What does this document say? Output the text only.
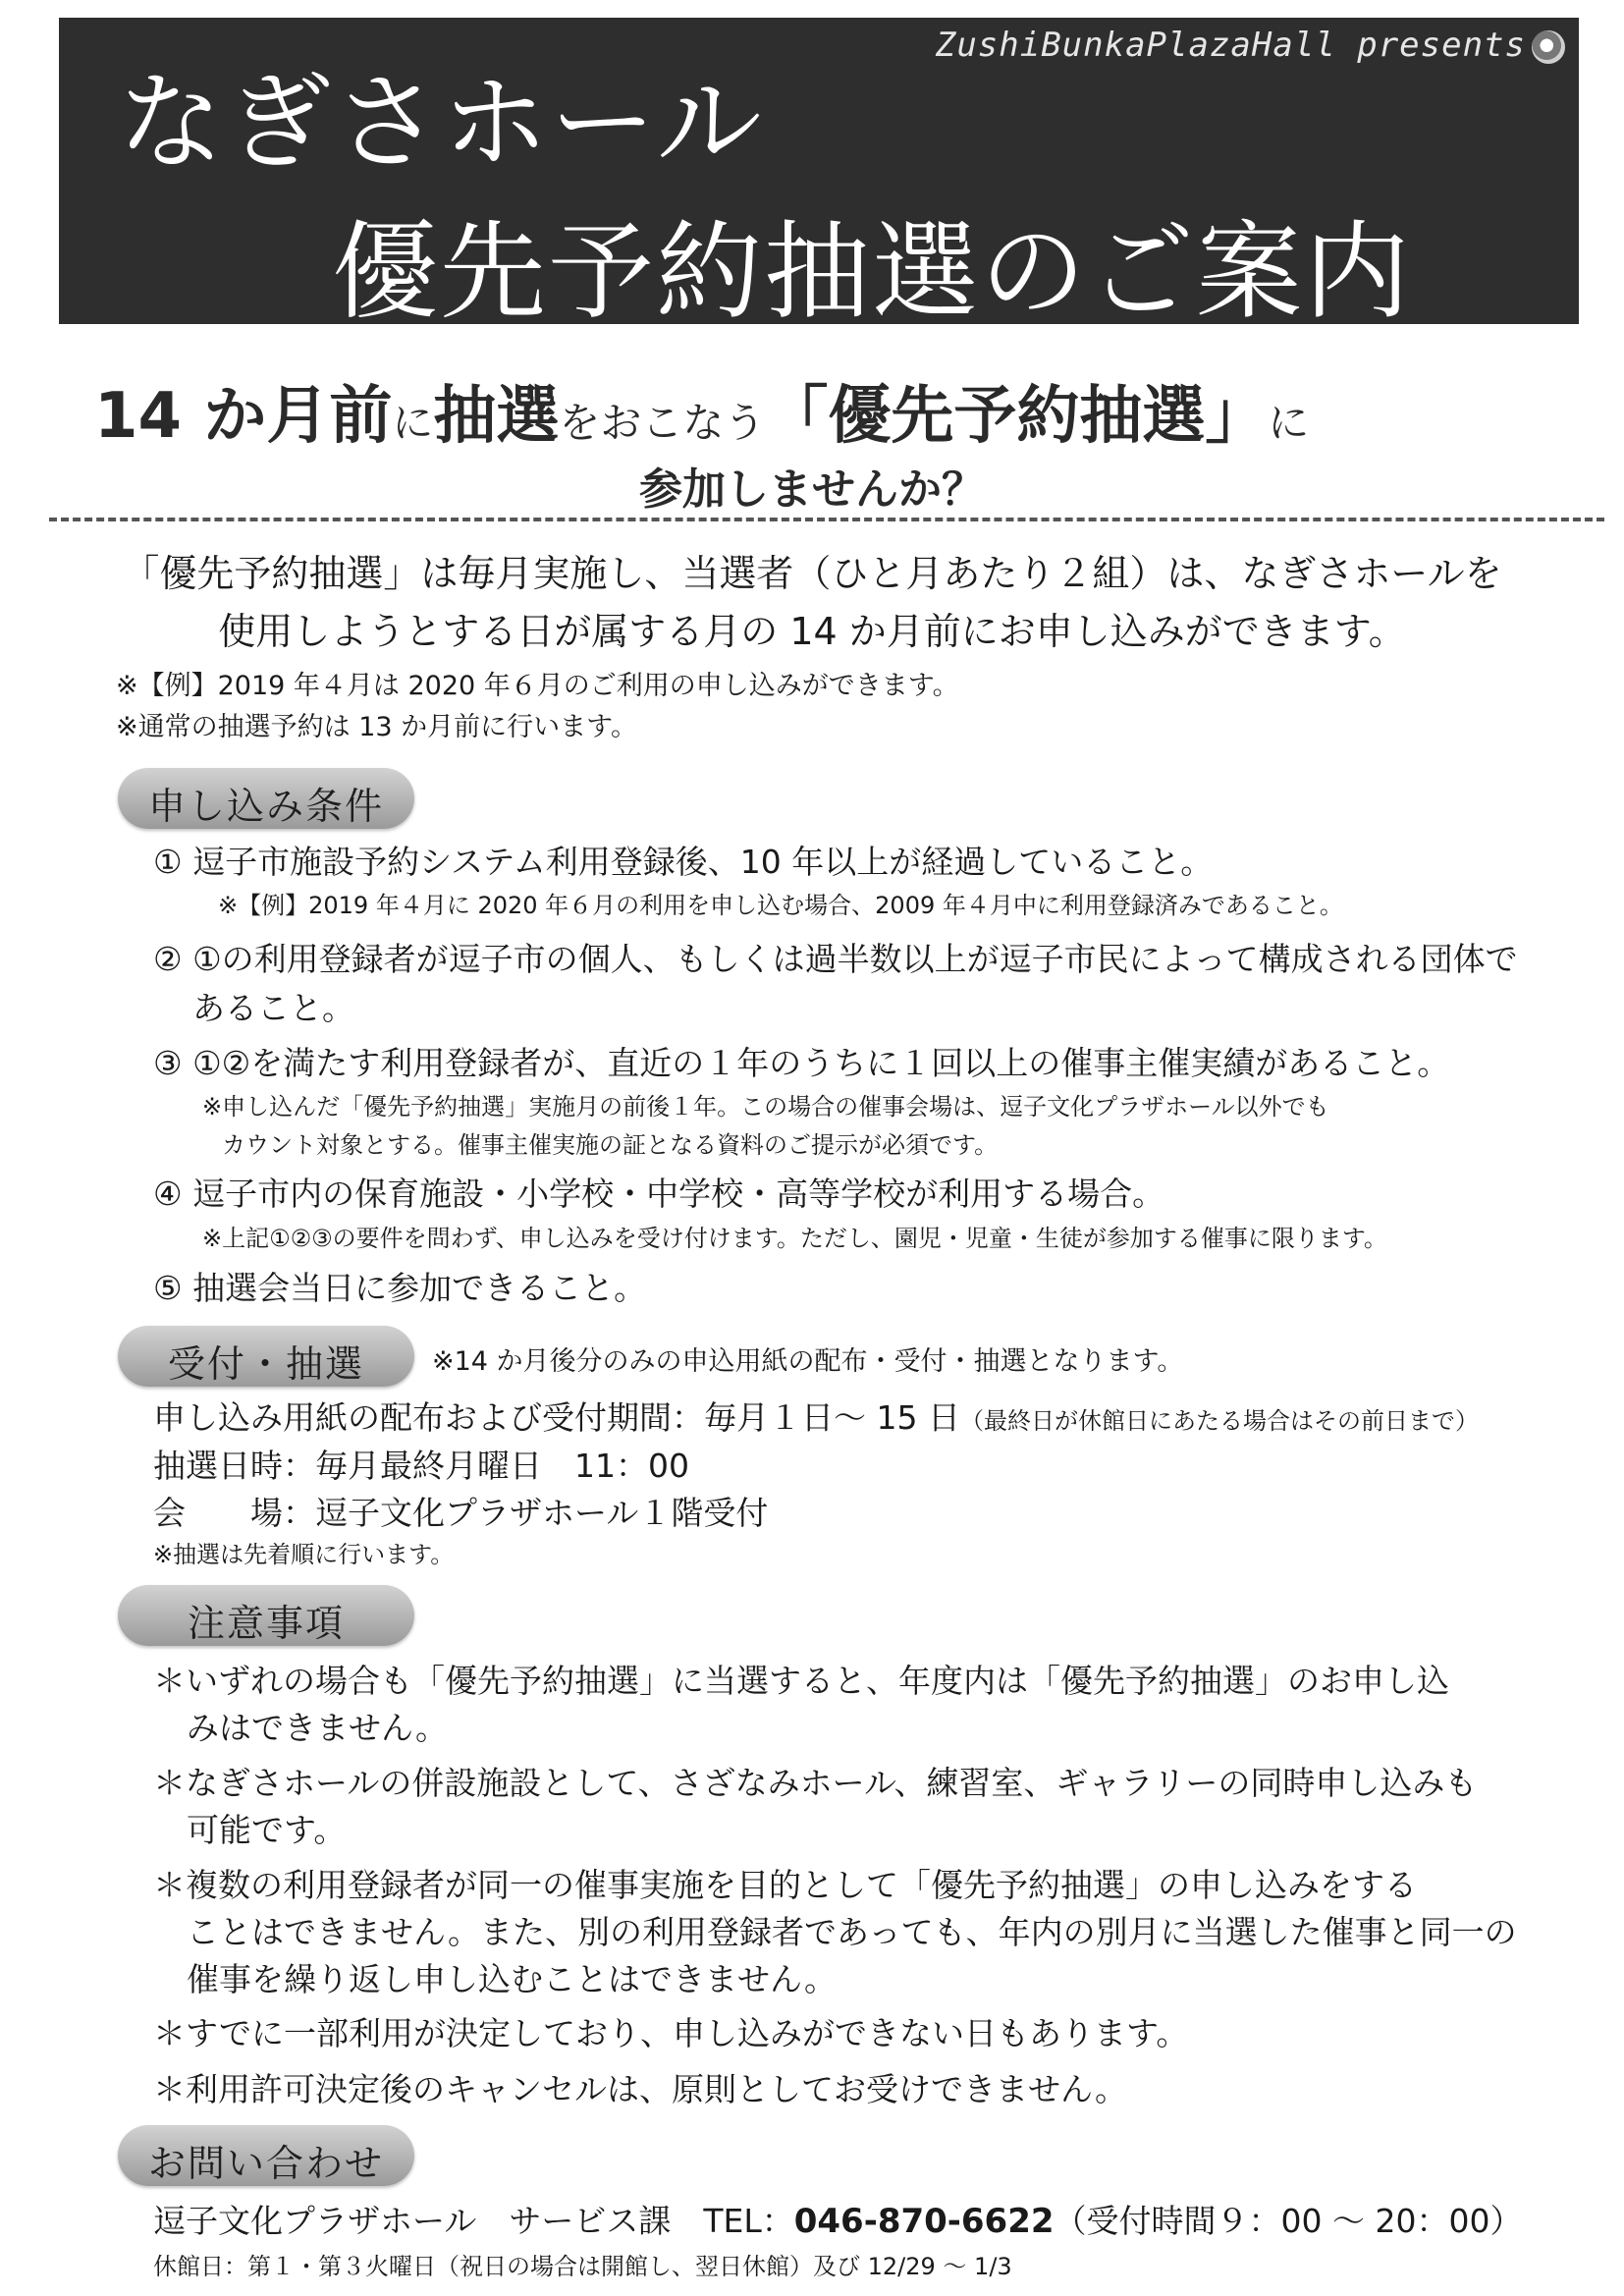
ZushiBunkaPlazaHall presents
なぎさホール
優先予約抽選のご案内
14 か月前に抽選をおこなう「優先予約抽選」に
参加しませんか？
「優先予約抽選」は毎月実施し、当選者（ひと月あたり２組）は、なぎさホールを
使用しようとする日が属する月の 14 か月前にお申し込みができます。
※【例】2019 年４月は 2020 年６月のご利用の申し込みができます。
※通常の抽選予約は 13 か月前に行います。
申し込み条件
① 逗子市施設予約システム利用登録後、10 年以上が経過していること。
※【例】2019 年４月に 2020 年６月の利用を申し込む場合、2009 年４月中に利用登録済みであること。
② ①の利用登録者が逗子市の個人、もしくは過半数以上が逗子市民によって構成される団体で
あること。
③ ①②を満たす利用登録者が、直近の１年のうちに１回以上の催事主催実績があること。
※申し込んだ「優先予約抽選」実施月の前後１年。この場合の催事会場は、逗子文化プラザホール以外でも
カウント対象とする。催事主催実施の証となる資料のご提示が必須です。
④ 逗子市内の保育施設・小学校・中学校・高等学校が利用する場合。
※上記①②③の要件を問わず、申し込みを受け付けます。ただし、園児・児童・生徒が参加する催事に限ります。
⑤ 抽選会当日に参加できること。
受付・抽選	※14 か月後分のみの申込用紙の配布・受付・抽選となります。
申し込み用紙の配布および受付期間：毎月１日～ 15 日（最終日が休館日にあたる場合はその前日まで）
抽選日時：毎月最終月曜日　11：00
会　　場：逗子文化プラザホール１階受付
※抽選は先着順に行います。
注意事項
＊いずれの場合も「優先予約抽選」に当選すると、年度内は「優先予約抽選」のお申し込
みはできません。
＊なぎさホールの併設施設として、さざなみホール、練習室、ギャラリーの同時申し込みも
可能です。
＊複数の利用登録者が同一の催事実施を目的として「優先予約抽選」の申し込みをする
ことはできません。また、別の利用登録者であっても、年内の別月に当選した催事と同一の
催事を繰り返し申し込むことはできません。
＊すでに一部利用が決定しており、申し込みができない日もあります。
＊利用許可決定後のキャンセルは、原則としてお受けできません。
お問い合わせ
逗子文化プラザホール　サービス課　TEL：046-870-6622（受付時間９：00 ～ 20：00）
休館日：第１・第３火曜日（祝日の場合は開館し、翌日休館）及び 12/29 ～ 1/3
